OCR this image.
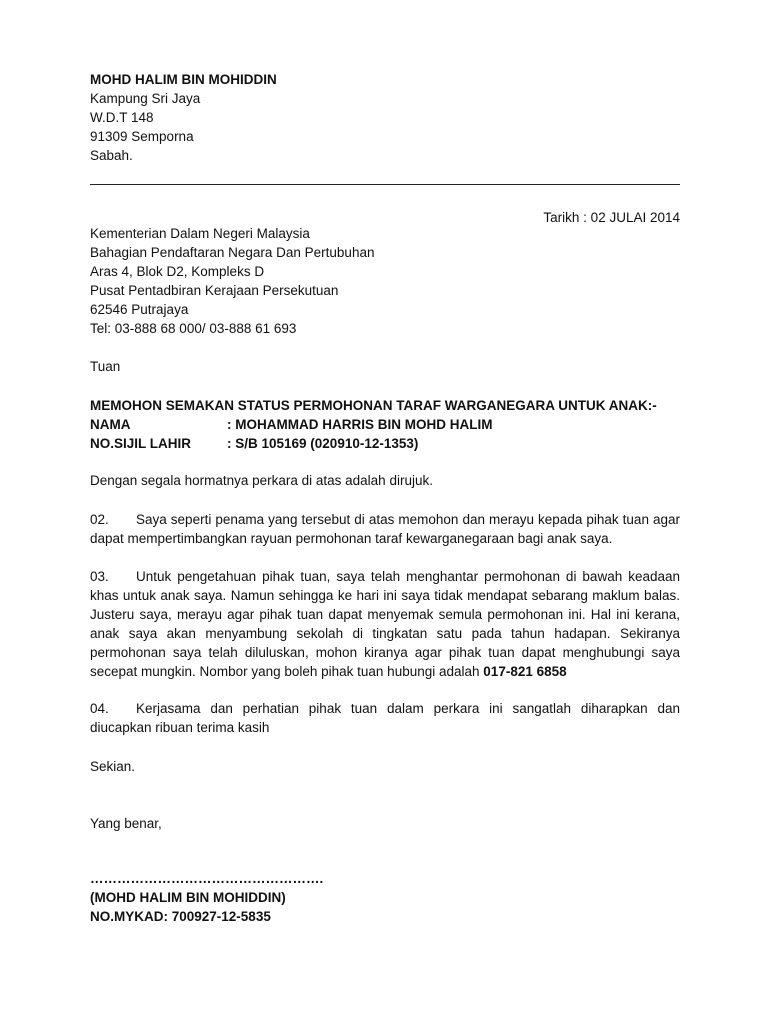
MOHD HALIM BIN MOHIDDIN
Kampung Sri Jaya
W.D.T 148
91309 Semporna
Sabah.
Tarikh : 02 JULAI 2014
Kementerian Dalam Negeri Malaysia
Bahagian Pendaftaran Negara Dan Pertubuhan
Aras 4, Blok D2, Kompleks D
Pusat Pentadbiran Kerajaan Persekutuan
62546 Putrajaya
Tel: 03-888 68 000/ 03-888 61 693
Tuan
MEMOHON SEMAKAN STATUS PERMOHONAN TARAF WARGANEGARA UNTUK ANAK:-
NAMA	: MOHAMMAD HARRIS BIN MOHD HALIM
NO.SIJIL LAHIR	: S/B 105169 (020910-12-1353)
Dengan segala hormatnya perkara di atas adalah dirujuk.
02. Saya seperti penama yang tersebut di atas memohon dan merayu kepada pihak tuan agar dapat mempertimbangkan rayuan permohonan taraf kewarganegaraan bagi anak saya.
03. Untuk pengetahuan pihak tuan, saya telah menghantar permohonan di bawah keadaan khas untuk anak saya. Namun sehingga ke hari ini saya tidak mendapat sebarang maklum balas. Justeru saya, merayu agar pihak tuan dapat menyemak semula permohonan ini. Hal ini kerana, anak saya akan menyambung sekolah di tingkatan satu pada tahun hadapan. Sekiranya permohonan saya telah diluluskan, mohon kiranya agar pihak tuan dapat menghubungi saya secepat mungkin. Nombor yang boleh pihak tuan hubungi adalah 017-821 6858
04. Kerjasama dan perhatian pihak tuan dalam perkara ini sangatlah diharapkan dan diucapkan ribuan terima kasih
Sekian.
Yang benar,
…………………………………………….
(MOHD HALIM BIN MOHIDDIN)
NO.MYKAD: 700927-12-5835
